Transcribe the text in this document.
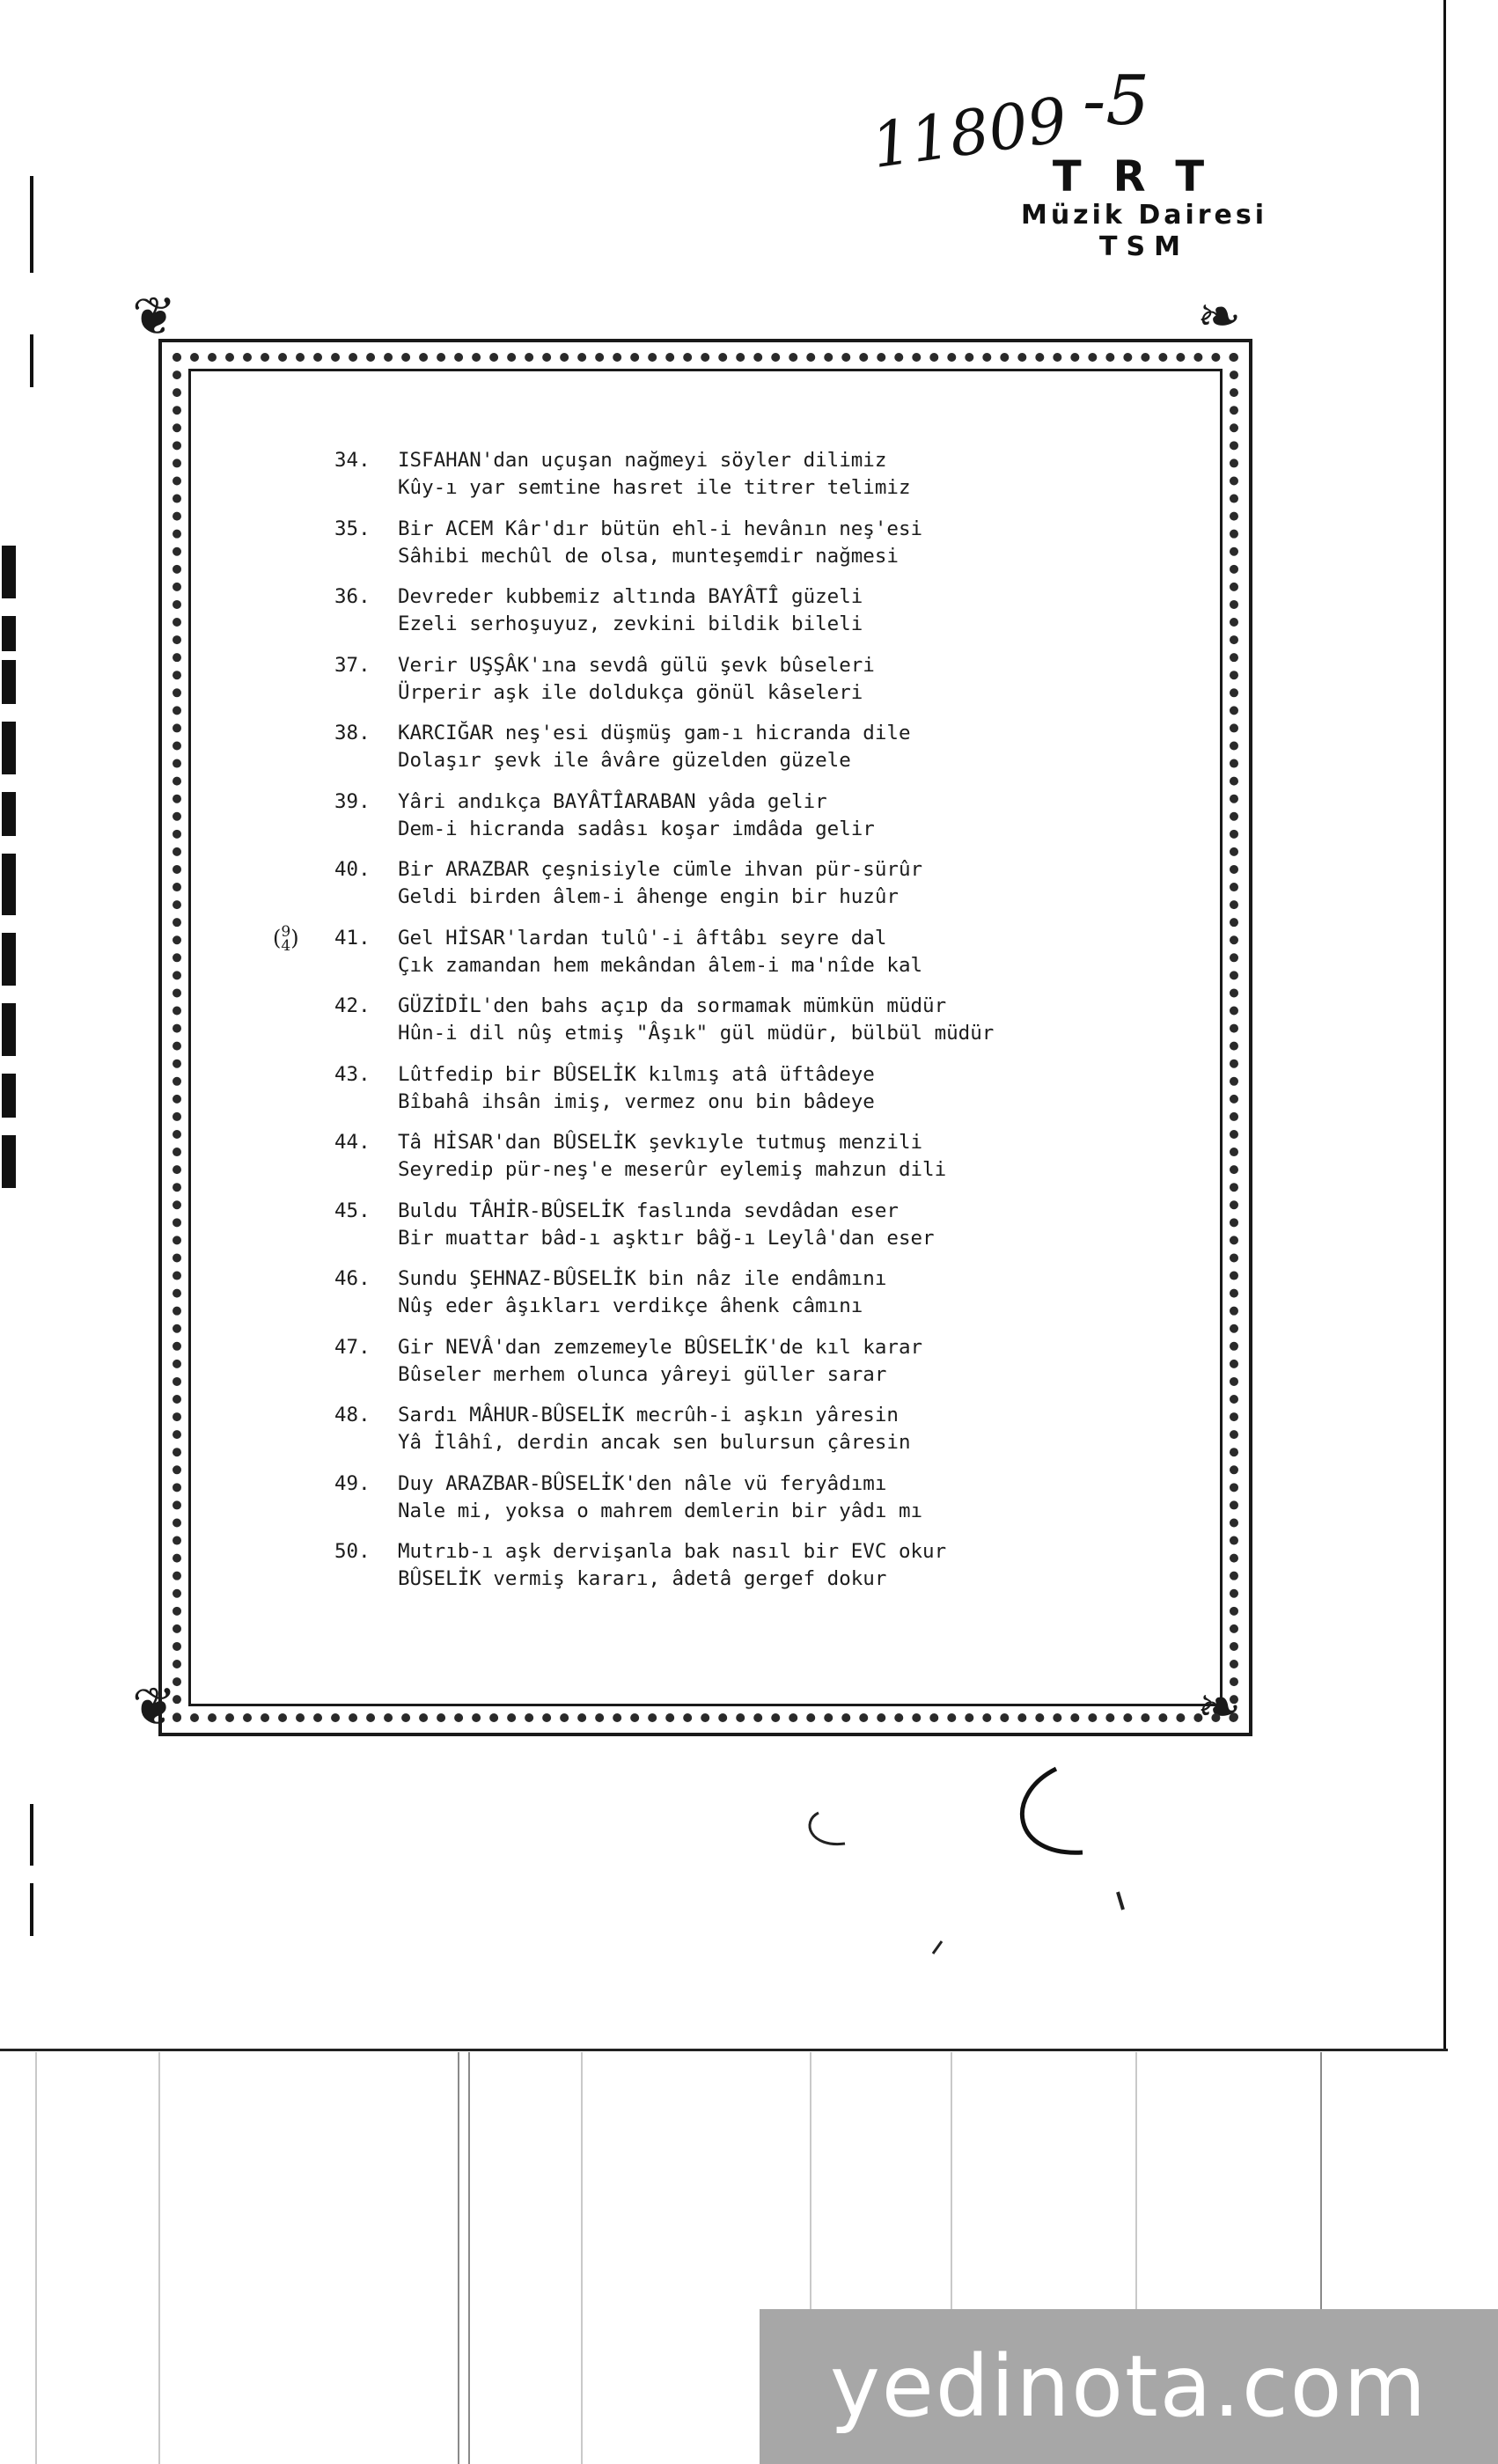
11809 -5
TRT
Müzik Dairesi
TSM
❦	❧
❦	❧
34.	ISFAHAN'dan uçuşan nağmeyi söyler dilimiz
Kûy-ı yar semtine hasret ile titrer telimiz
35.	Bir ACEM Kâr'dır bütün ehl-i hevânın neş'esi
Sâhibi mechûl de olsa, munteşemdir nağmesi
36.	Devreder kubbemiz altında BAYÂTÎ güzeli
Ezeli serhoşuyuz, zevkini bildik bileli
37.	Verir UŞŞÂK'ına sevdâ gülü şevk bûseleri
Ürperir aşk ile doldukça gönül kâseleri
38.	KARCIĞAR neş'esi düşmüş gam-ı hicranda dile
Dolaşır şevk ile âvâre güzelden güzele
39.	Yâri andıkça BAYÂTÎARABAN yâda gelir
Dem-i hicranda sadâsı koşar imdâda gelir
40.	Bir ARAZBAR çeşnisiyle cümle ihvan pür-sürûr
Geldi birden âlem-i âhenge engin bir huzûr
( 9
4 ) 41.	Gel HİSAR'lardan tulû'-i âftâbı seyre dal
Çık zamandan hem mekândan âlem-i ma'nîde kal
42.	GÜZİDİL'den bahs açıp da sormamak mümkün müdür
Hûn-i dil nûş etmiş "Âşık" gül müdür, bülbül müdür
43.	Lûtfedip bir BÛSELİK kılmış atâ üftâdeye
Bîbahâ ihsân imiş, vermez onu bin bâdeye
44.	Tâ HİSAR'dan BÛSELİK şevkıyle tutmuş menzili
Seyredip pür-neş'e meserûr eylemiş mahzun dili
45.	Buldu TÂHİR-BÛSELİK faslında sevdâdan eser
Bir muattar bâd-ı aşktır bâğ-ı Leylâ'dan eser
46.	Sundu ŞEHNAZ-BÛSELİK bin nâz ile endâmını
Nûş eder âşıkları verdikçe âhenk câmını
47.	Gir NEVÂ'dan zemzemeyle BÛSELİK'de kıl karar
Bûseler merhem olunca yâreyi güller sarar
48.	Sardı MÂHUR-BÛSELİK mecrûh-i aşkın yâresin
Yâ İlâhî, derdin ancak sen bulursun çâresin
49.	Duy ARAZBAR-BÛSELİK'den nâle vü feryâdımı
Nale mi, yoksa o mahrem demlerin bir yâdı mı
50.	Mutrıb-ı aşk dervişanla bak nasıl bir EVC okur
BÛSELİK vermiş kararı, âdetâ gergef dokur
yedinota.com
